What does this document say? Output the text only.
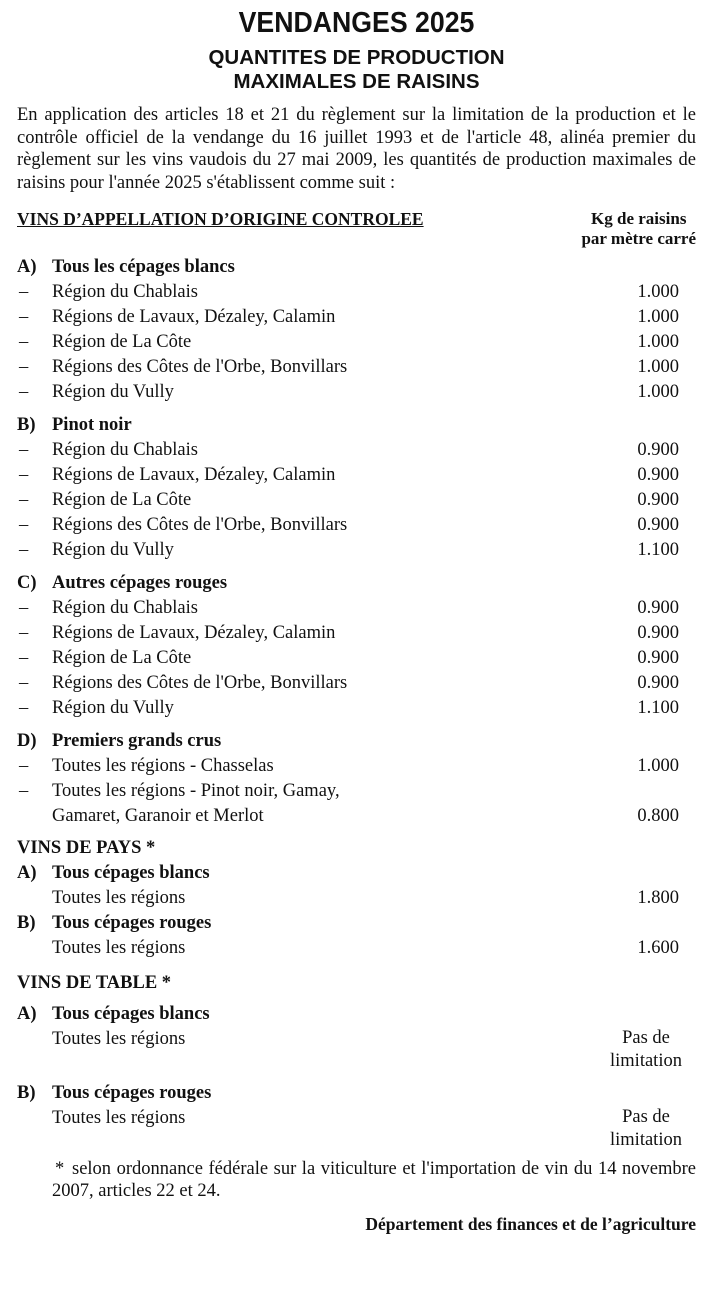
VENDANGES 2025
QUANTITES DE PRODUCTION
MAXIMALES DE RAISINS

En application des articles 18 et 21 du règlement sur la limitation de la production et le contrôle officiel de la vendange du 16 juillet 1993 et de l'article 48, alinéa premier du règlement sur les vins vaudois du 27 mai 2009, les quantités de production maximales de raisins pour l'année 2025 s'établissent comme suit :

VINS D’APPELLATION D’ORIGINE CONTROLEE	Kg de raisins
par mètre carré
A) Tous les cépages blancs
– Région du Chablais	1.000
– Régions de Lavaux, Dézaley, Calamin	1.000
– Région de La Côte	1.000
– Régions des Côtes de l'Orbe, Bonvillars	1.000
– Région du Vully	1.000
B) Pinot noir
– Région du Chablais	0.900
– Régions de Lavaux, Dézaley, Calamin	0.900
– Région de La Côte	0.900
– Régions des Côtes de l'Orbe, Bonvillars	0.900
– Région du Vully	1.100
C) Autres cépages rouges
– Région du Chablais	0.900
– Régions de Lavaux, Dézaley, Calamin	0.900
– Région de La Côte	0.900
– Régions des Côtes de l'Orbe, Bonvillars	0.900
– Région du Vully	1.100
D) Premiers grands crus
– Toutes les régions - Chasselas	1.000
– Toutes les régions - Pinot noir, Gamay,
Gamaret, Garanoir et Merlot	0.800
VINS DE PAYS *
A) Tous cépages blancs
Toutes les régions	1.800
B) Tous cépages rouges
Toutes les régions	1.600
VINS DE TABLE *
A) Tous cépages blancs
Toutes les régions	Pas de
limitation
B) Tous cépages rouges
Toutes les régions	Pas de
limitation
* selon ordonnance fédérale sur la viticulture et l'importation de vin du 14 novembre 2007, articles 22 et 24.
Département des finances et de l’agriculture
